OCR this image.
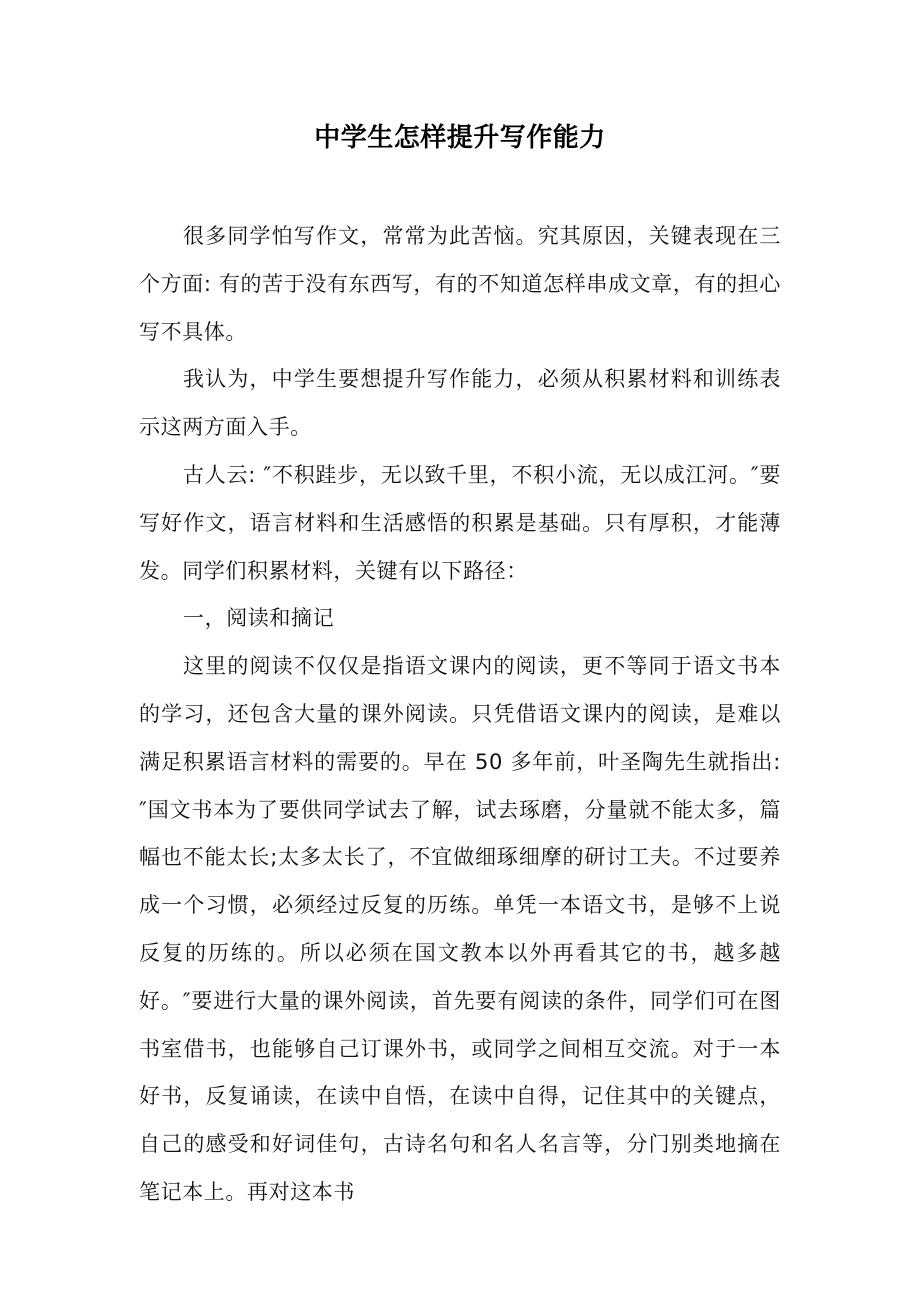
中学生怎样提升写作能力

很多同学怕写作文，常常为此苦恼。究其原因，关键表现在三个方面: 有的苦于没有东西写，有的不知道怎样串成文章，有的担心写不具体。

我认为，中学生要想提升写作能力，必须从积累材料和训练表示这两方面入手。

古人云: ″不积跬步，无以致千里，不积小流，无以成江河。″要写好作文，语言材料和生活感悟的积累是基础。只有厚积，才能薄发。同学们积累材料，关键有以下路径：

一，阅读和摘记

这里的阅读不仅仅是指语文课内的阅读，更不等同于语文书本的学习，还包含大量的课外阅读。只凭借语文课内的阅读，是难以满足积累语言材料的需要的。早在 50 多年前，叶圣陶先生就指出: ″国文书本为了要供同学试去了解，试去琢磨，分量就不能太多，篇幅也不能太长;太多太长了，不宜做细琢细摩的研讨工夫。不过要养成一个习惯，必须经过反复的历练。单凭一本语文书，是够不上说反复的历练的。所以必须在国文教本以外再看其它的书，越多越好。″要进行大量的课外阅读，首先要有阅读的条件，同学们可在图书室借书，也能够自己订课外书，或同学之间相互交流。对于一本好书，反复诵读，在读中自悟，在读中自得，记住其中的关键点，自己的感受和好词佳句，古诗名句和名人名言等，分门别类地摘在笔记本上。再对这本书
